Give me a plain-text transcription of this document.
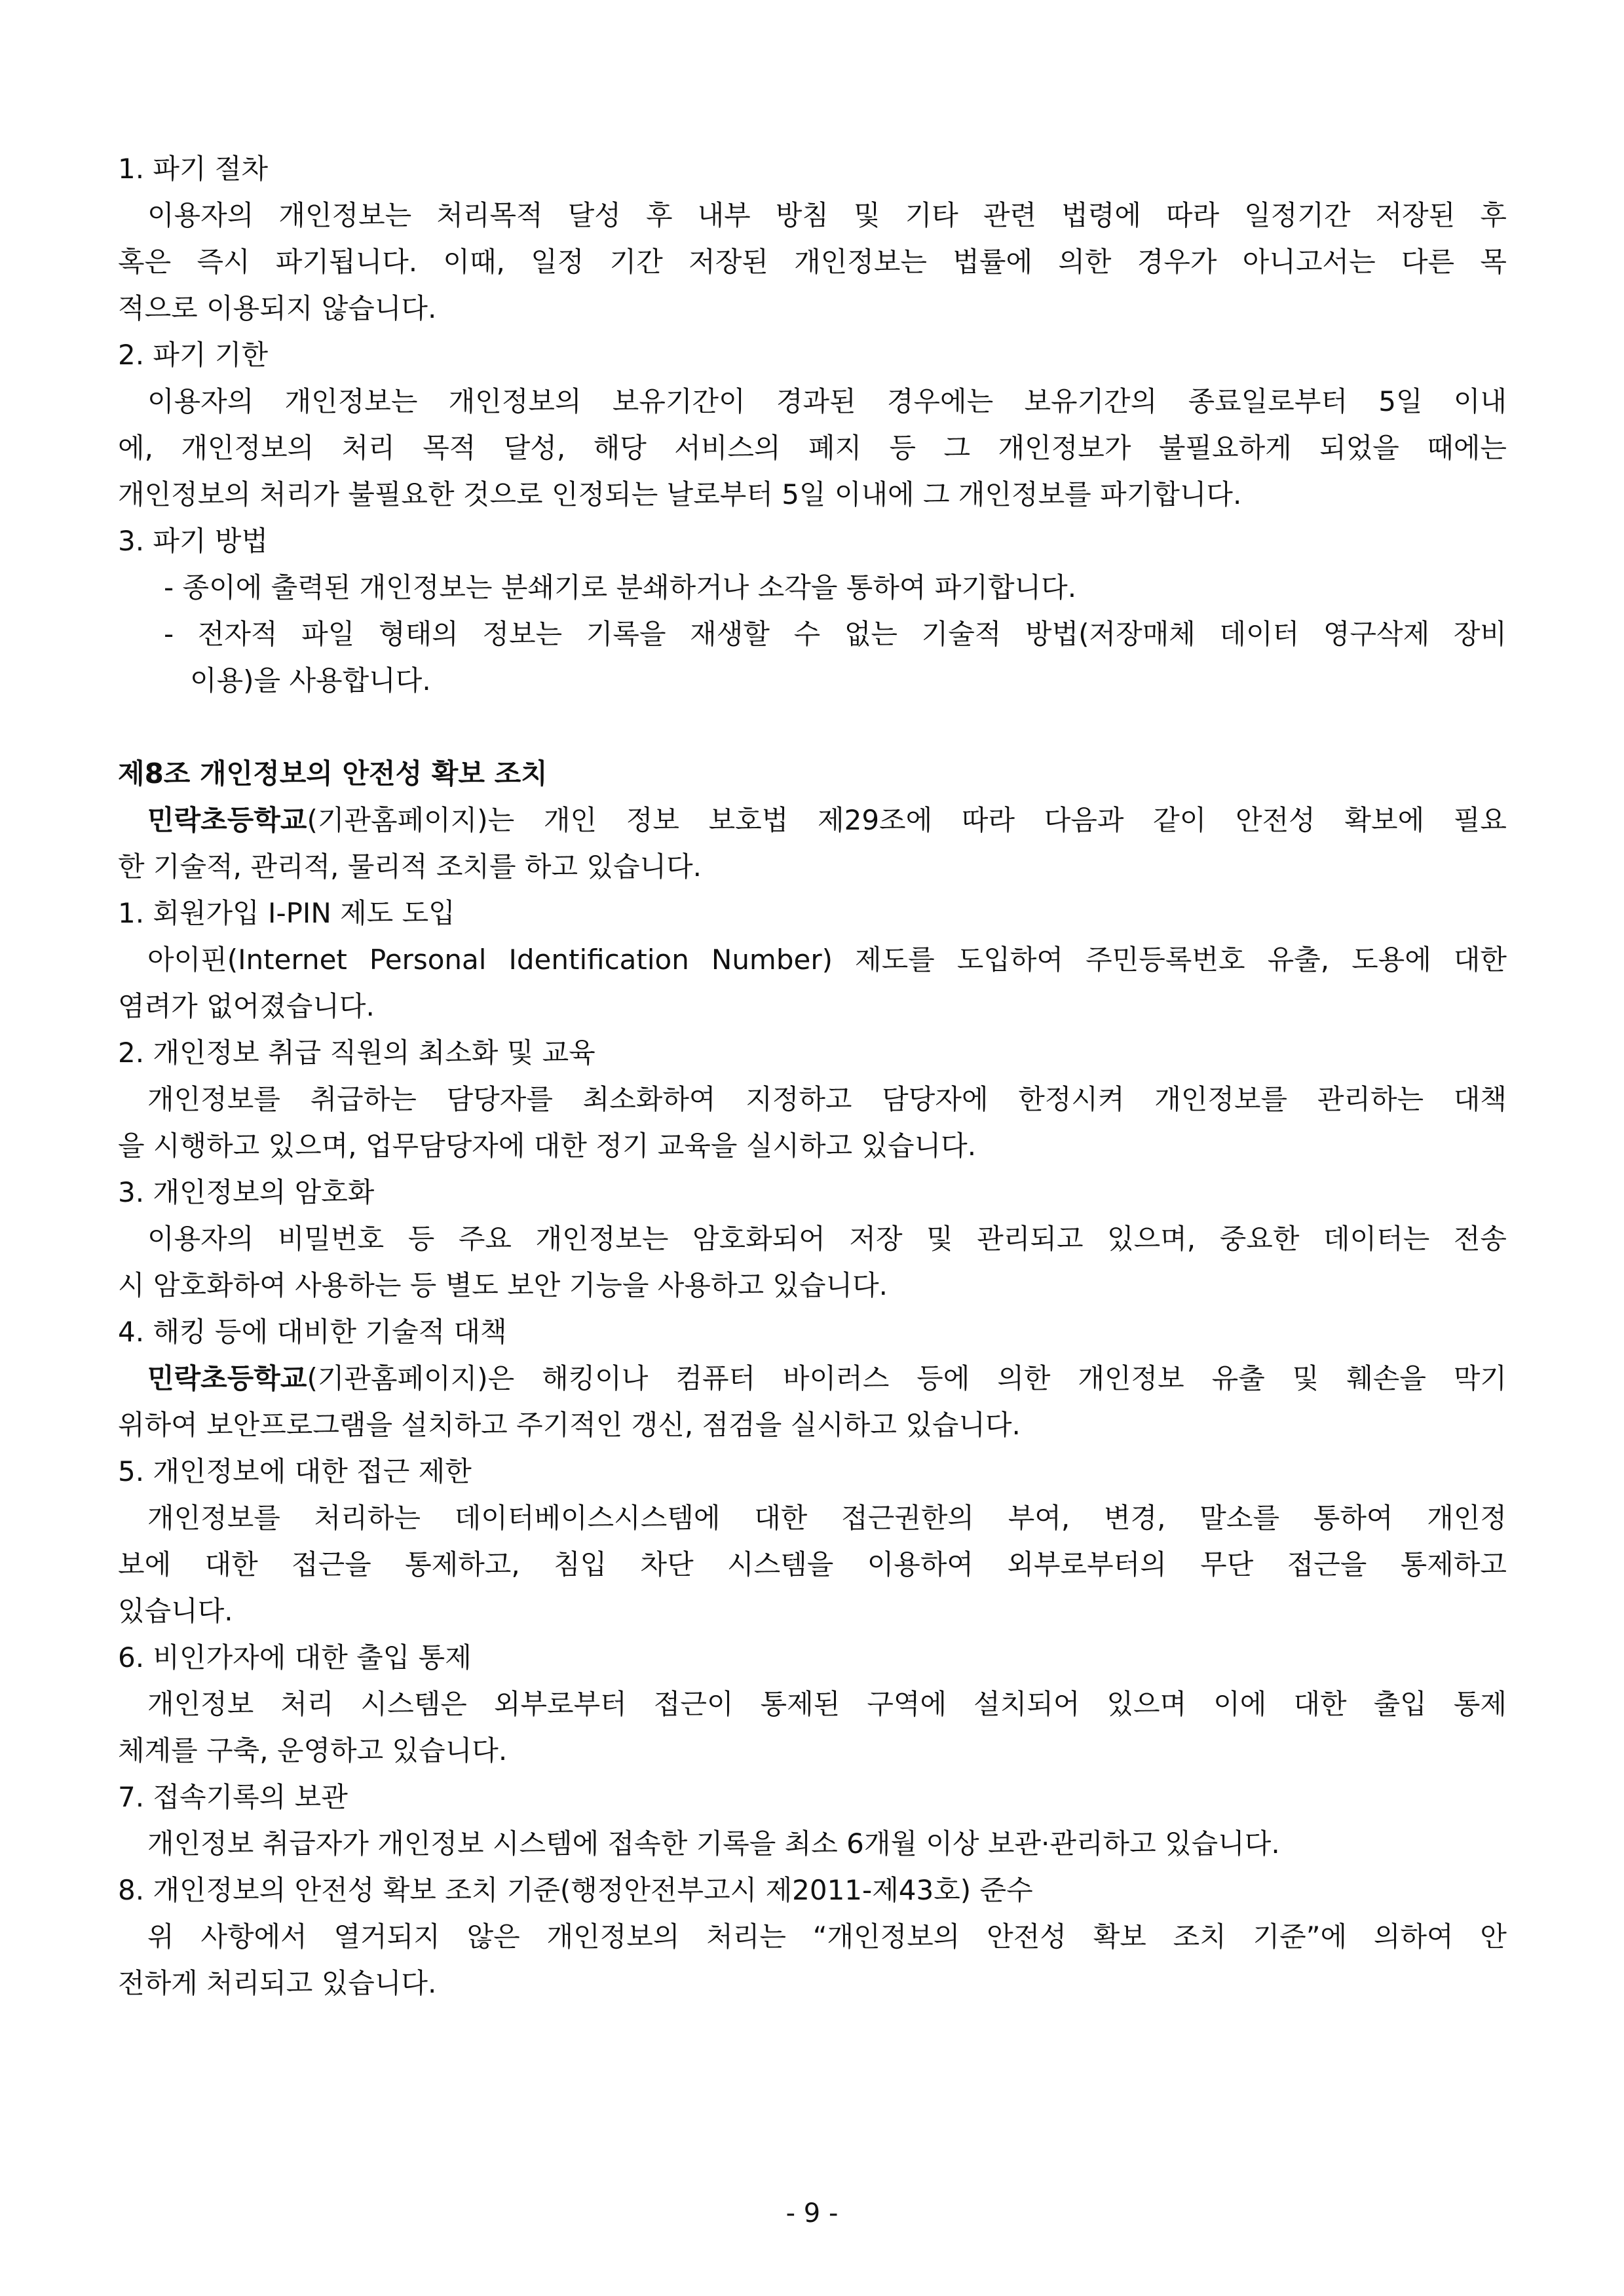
1. 파기 절차
이용자의 개인정보는 처리목적 달성 후 내부 방침 및 기타 관련 법령에 따라 일정기간 저장된 후
혹은 즉시 파기됩니다. 이때, 일정 기간 저장된 개인정보는 법률에 의한 경우가 아니고서는 다른 목
적으로 이용되지 않습니다.
2. 파기 기한
이용자의 개인정보는 개인정보의 보유기간이 경과된 경우에는 보유기간의 종료일로부터 5일 이내
에, 개인정보의 처리 목적 달성, 해당 서비스의 폐지 등 그 개인정보가 불필요하게 되었을 때에는
개인정보의 처리가 불필요한 것으로 인정되는 날로부터 5일 이내에 그 개인정보를 파기합니다.
3. 파기 방법
- 종이에 출력된 개인정보는 분쇄기로 분쇄하거나 소각을 통하여 파기합니다.
- 전자적 파일 형태의 정보는 기록을 재생할 수 없는 기술적 방법(저장매체 데이터 영구삭제 장비
이용)을 사용합니다.
제8조 개인정보의 안전성 확보 조치
민락초등학교(기관홈페이지)는 개인 정보 보호법 제29조에 따라 다음과 같이 안전성 확보에 필요
한 기술적, 관리적, 물리적 조치를 하고 있습니다.
1. 회원가입 I-PIN 제도 도입
아이핀(Internet Personal Identification Number) 제도를 도입하여 주민등록번호 유출, 도용에 대한
염려가 없어졌습니다.
2. 개인정보 취급 직원의 최소화 및 교육
개인정보를 취급하는 담당자를 최소화하여 지정하고 담당자에 한정시켜 개인정보를 관리하는 대책
을 시행하고 있으며, 업무담당자에 대한 정기 교육을 실시하고 있습니다.
3. 개인정보의 암호화
이용자의 비밀번호 등 주요 개인정보는 암호화되어 저장 및 관리되고 있으며, 중요한 데이터는 전송
시 암호화하여 사용하는 등 별도 보안 기능을 사용하고 있습니다.
4. 해킹 등에 대비한 기술적 대책
민락초등학교(기관홈페이지)은 해킹이나 컴퓨터 바이러스 등에 의한 개인정보 유출 및 훼손을 막기
위하여 보안프로그램을 설치하고 주기적인 갱신, 점검을 실시하고 있습니다.
5. 개인정보에 대한 접근 제한
개인정보를 처리하는 데이터베이스시스템에 대한 접근권한의 부여, 변경, 말소를 통하여 개인정
보에 대한 접근을 통제하고, 침입 차단 시스템을 이용하여 외부로부터의 무단 접근을 통제하고
있습니다.
6. 비인가자에 대한 출입 통제
개인정보 처리 시스템은 외부로부터 접근이 통제된 구역에 설치되어 있으며 이에 대한 출입 통제
체계를 구축, 운영하고 있습니다.
7. 접속기록의 보관
개인정보 취급자가 개인정보 시스템에 접속한 기록을 최소 6개월 이상 보관·관리하고 있습니다.
8. 개인정보의 안전성 확보 조치 기준(행정안전부고시 제2011-제43호) 준수
위 사항에서 열거되지 않은 개인정보의 처리는 “개인정보의 안전성 확보 조치 기준”에 의하여 안
전하게 처리되고 있습니다.
- 9 -
